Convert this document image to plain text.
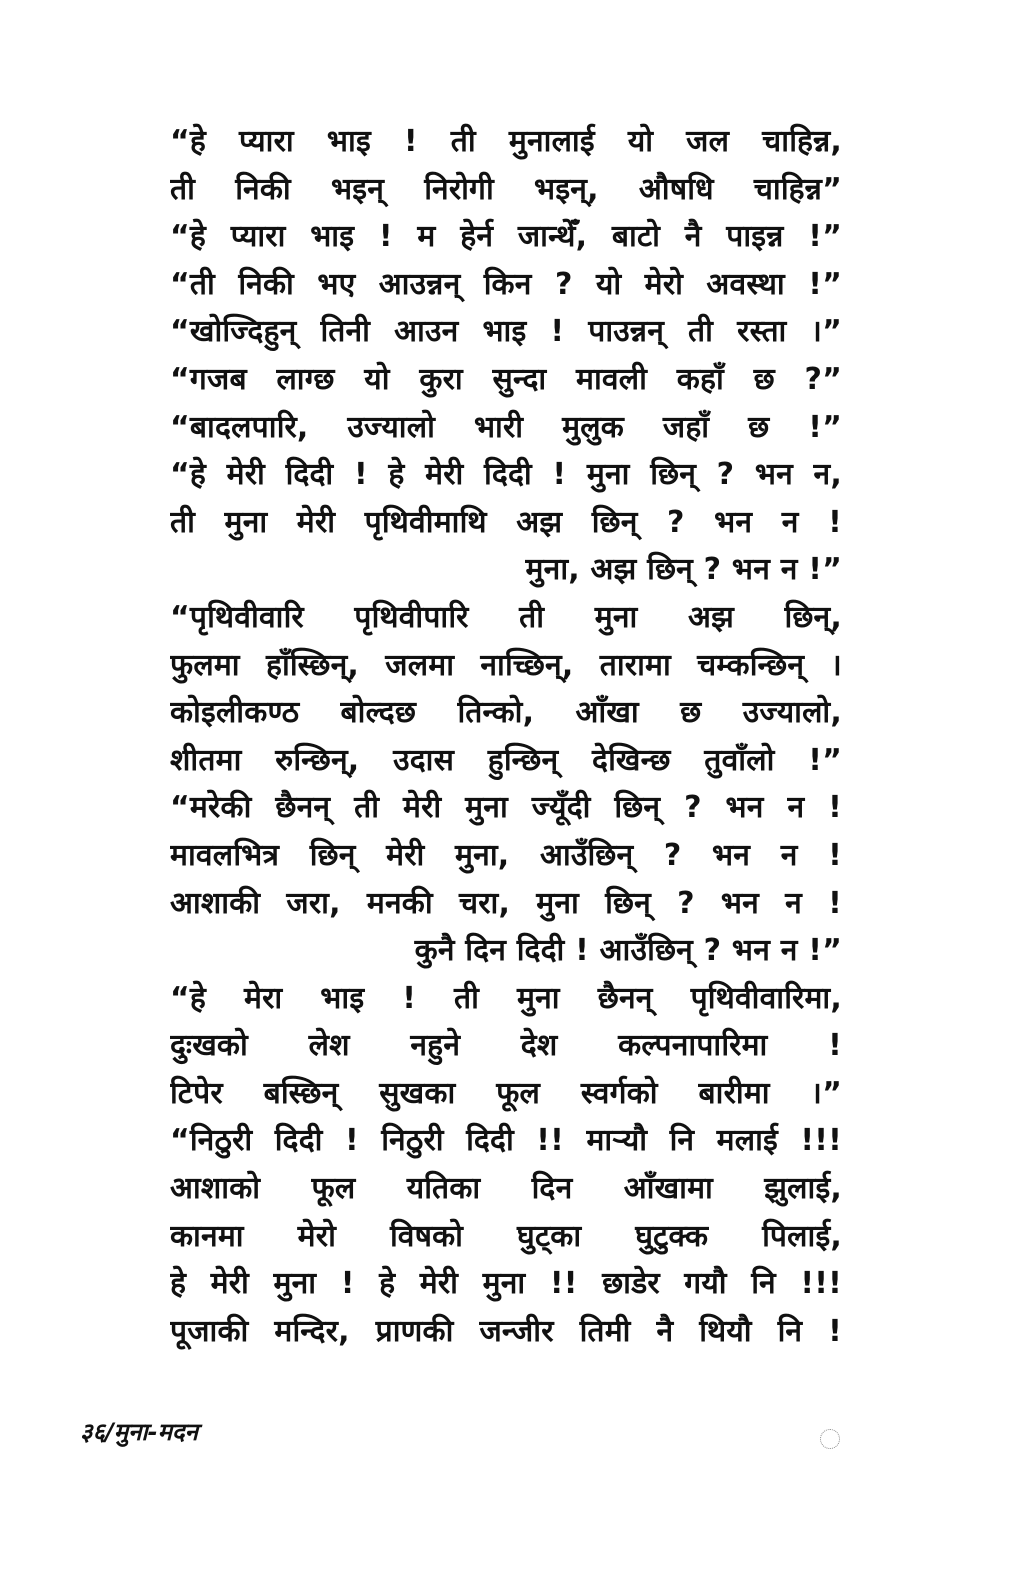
“हे प्यारा भाइ ! ती मुनालाई यो जल चाहिन्न,
ती निकी भइन् निरोगी भइन्, औषधि चाहिन्न”
“हे प्यारा भाइ ! म हेर्न जान्थेँ, बाटो नै पाइन्न !”
“ती निकी भए आउन्नन् किन ? यो मेरो अवस्था !”
“खोज्दिहुन् तिनी आउन भाइ ! पाउन्नन् ती रस्ता ।”
“गजब लाग्छ यो कुरा सुन्दा मावली कहाँ छ ?”
“बादलपारि, उज्यालो भारी मुलुक जहाँ छ !”
“हे मेरी दिदी ! हे मेरी दिदी ! मुना छिन् ? भन न,
ती मुना मेरी पृथिवीमाथि अझ छिन् ? भन न !
मुना, अझ छिन् ? भन न !”
“पृथिवीवारि पृथिवीपारि ती मुना अझ छिन्,
फुलमा हाँस्छिन्, जलमा नाच्छिन्, तारामा चम्कन्छिन् ।
कोइलीकण्ठ बोल्दछ तिन्को, आँखा छ उज्यालो,
शीतमा रुन्छिन्, उदास हुन्छिन् देखिन्छ तुवाँलो !”
“मरेकी छैनन् ती मेरी मुना ज्यूँदी छिन् ? भन न !
मावलभित्र छिन् मेरी मुना, आउँछिन् ? भन न !
आशाकी जरा, मनकी चरा, मुना छिन् ? भन न !
कुनै दिन दिदी ! आउँछिन् ? भन न !”
“हे मेरा भाइ ! ती मुना छैनन् पृथिवीवारिमा,
दुःखको लेश नहुने देश कल्पनापारिमा !
टिपेर बस्छिन् सुखका फूल स्वर्गको बारीमा ।”
“निठुरी दिदी ! निठुरी दिदी !! मार्‍यौ नि मलाई !!!
आशाको फूल यतिका दिन आँखामा झुलाई,
कानमा मेरो विषको घुट्का घुटुक्क पिलाई,
हे मेरी मुना ! हे मेरी मुना !! छाडेर गयौ नि !!!
पूजाकी मन्दिर, प्राणकी जन्जीर तिमी नै थियौ नि !
३६/मुना-मदन
